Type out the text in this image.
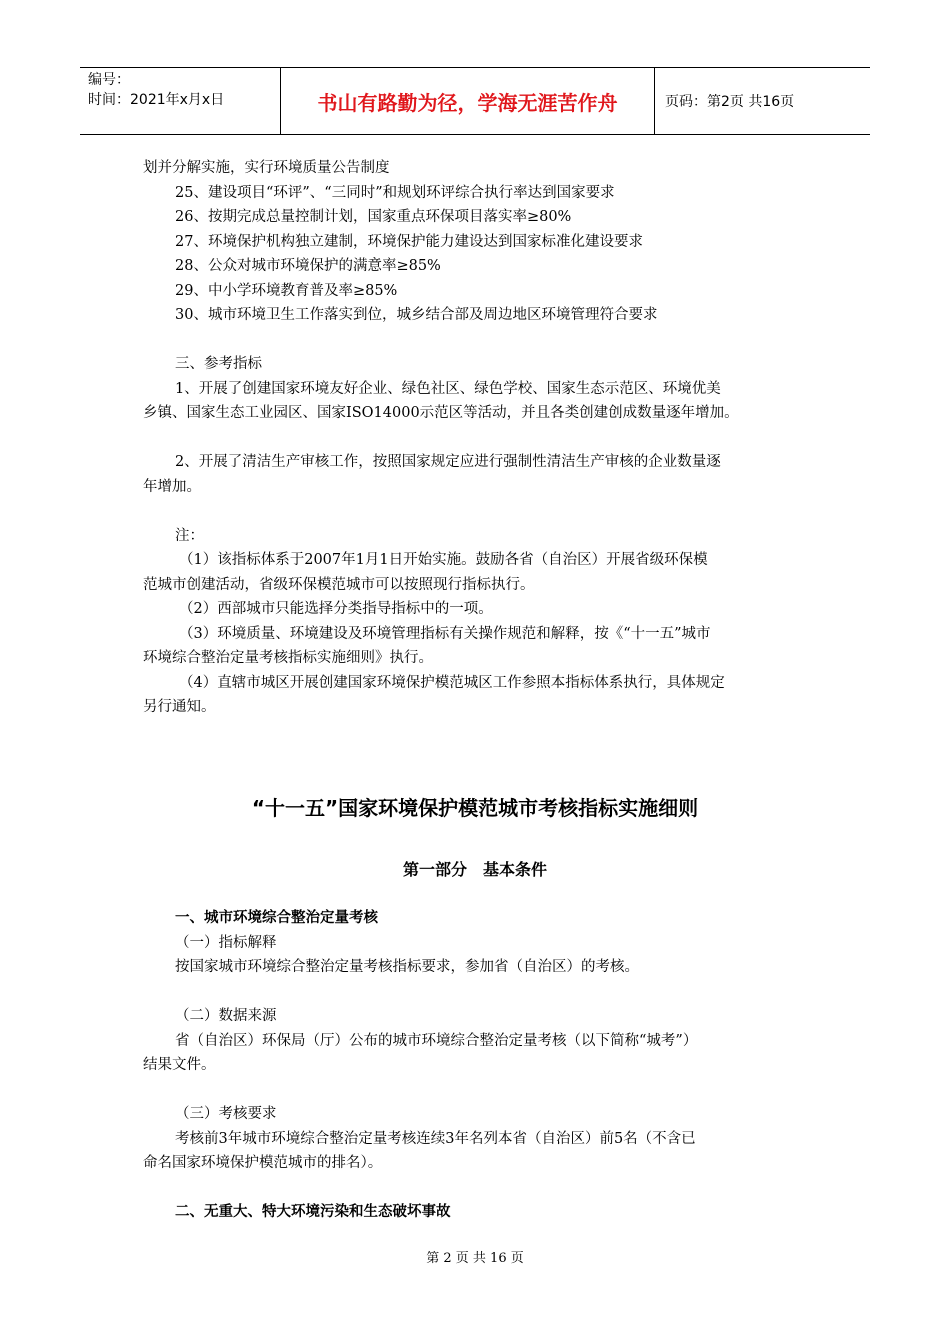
编号：
时间：2021年x月x日	书山有路勤为径，学海无涯苦作舟	页码：第2页 共16页
划并分解实施，实行环境质量公告制度
25、建设项目“环评”、“三同时”和规划环评综合执行率达到国家要求
26、按期完成总量控制计划，国家重点环保项目落实率≥80%
27、环境保护机构独立建制，环境保护能力建设达到国家标准化建设要求
28、公众对城市环境保护的满意率≥85%
29、中小学环境教育普及率≥85%
30、城市环境卫生工作落实到位，城乡结合部及周边地区环境管理符合要求
三、参考指标
1、开展了创建国家环境友好企业、绿色社区、绿色学校、国家生态示范区、环境优美
乡镇、国家生态工业园区、国家ISO14000示范区等活动，并且各类创建创成数量逐年增加。
2、开展了清洁生产审核工作，按照国家规定应进行强制性清洁生产审核的企业数量逐
年增加。
注：
（1）该指标体系于2007年1月1日开始实施。鼓励各省（自治区）开展省级环保模
范城市创建活动，省级环保模范城市可以按照现行指标执行。
（2）西部城市只能选择分类指导指标中的一项。
（3）环境质量、环境建设及环境管理指标有关操作规范和解释，按《“十一五”城市
环境综合整治定量考核指标实施细则》执行。
（4）直辖市城区开展创建国家环境保护模范城区工作参照本指标体系执行，具体规定
另行通知。
“十一五”国家环境保护模范城市考核指标实施细则
第一部分　基本条件
一、城市环境综合整治定量考核
（一）指标解释
按国家城市环境综合整治定量考核指标要求，参加省（自治区）的考核。
（二）数据来源
省（自治区）环保局（厅）公布的城市环境综合整治定量考核（以下简称“城考”）
结果文件。
（三）考核要求
考核前3年城市环境综合整治定量考核连续3年名列本省（自治区）前5名（不含已
命名国家环境保护模范城市的排名）。
二、无重大、特大环境污染和生态破坏事故
第 2 页 共 16 页
